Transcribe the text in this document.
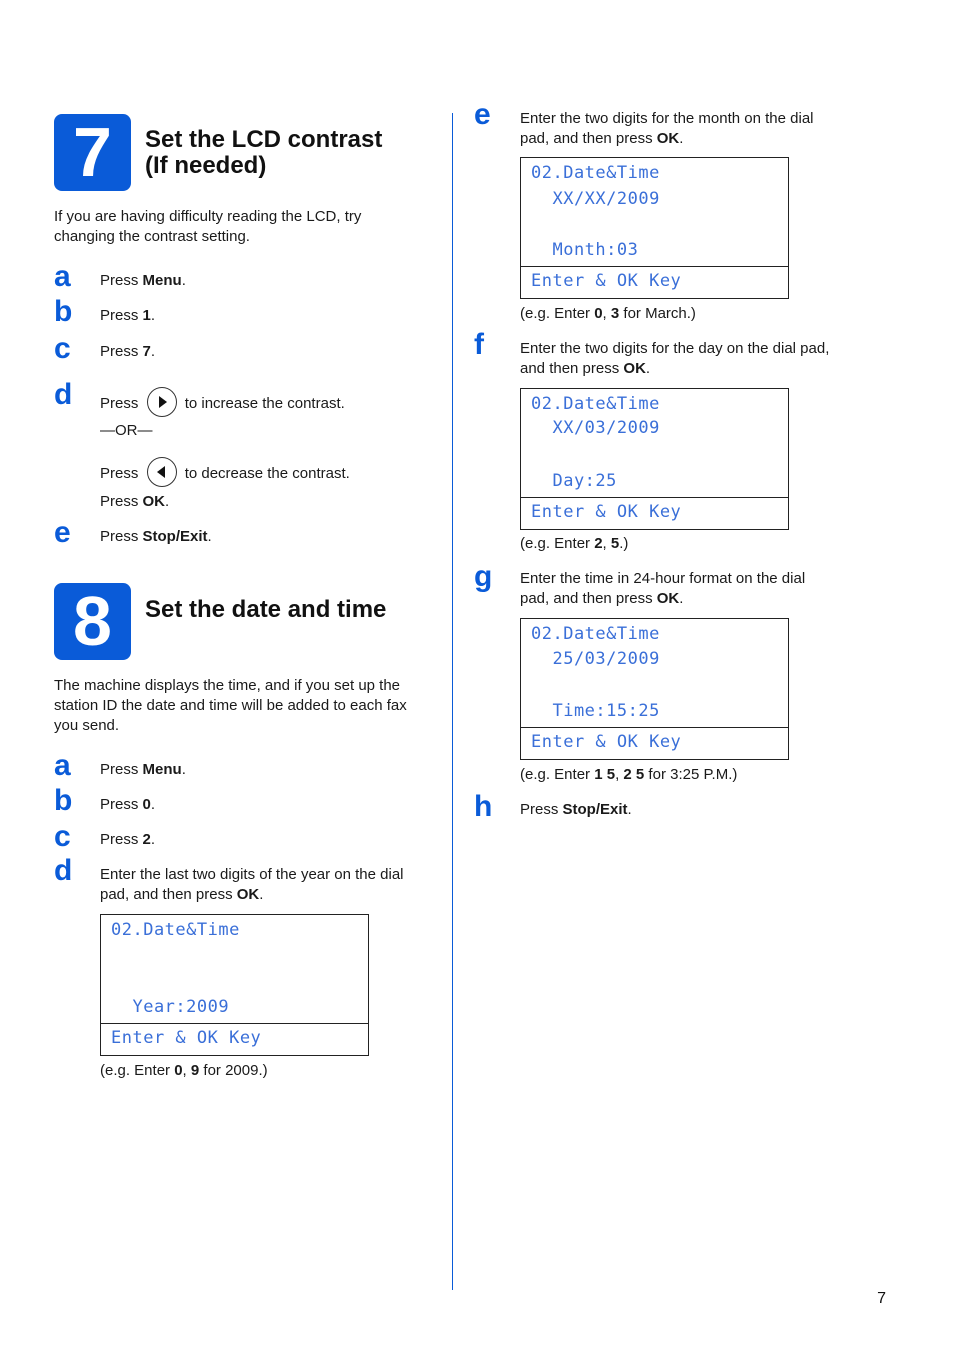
7	Set the LCD contrast
(If needed)
If you are having difficulty reading the LCD, try
changing the contrast setting.
a Press Menu.
b Press 1.
c Press 7.
d Press	to increase the contrast.
—OR—
Press	to decrease the contrast.
Press OK.
e Press Stop/Exit.
8	Set the date and time
The machine displays the time, and if you set up the
station ID the date and time will be added to each fax
you send.
a Press Menu.
b Press 0.
c Press 2.
d Enter the last two digits of the year on the dial
pad, and then press OK.
02.Date&Time
Year:2009
Enter & OK Key
(e.g. Enter 0, 9 for 2009.)
e Enter the two digits for the month on the dial
pad, and then press OK.
02.Date&Time
XX/XX/2009
Month:03
Enter & OK Key
(e.g. Enter 0, 3 for March.)
f Enter the two digits for the day on the dial pad,
and then press OK.
02.Date&Time
XX/03/2009
Day:25
Enter & OK Key
(e.g. Enter 2, 5.)
g Enter the time in 24-hour format on the dial
pad, and then press OK.
02.Date&Time
25/03/2009
Time:15:25
Enter & OK Key
(e.g. Enter 1 5, 2 5 for 3:25 P.M.)
h Press Stop/Exit.
7
